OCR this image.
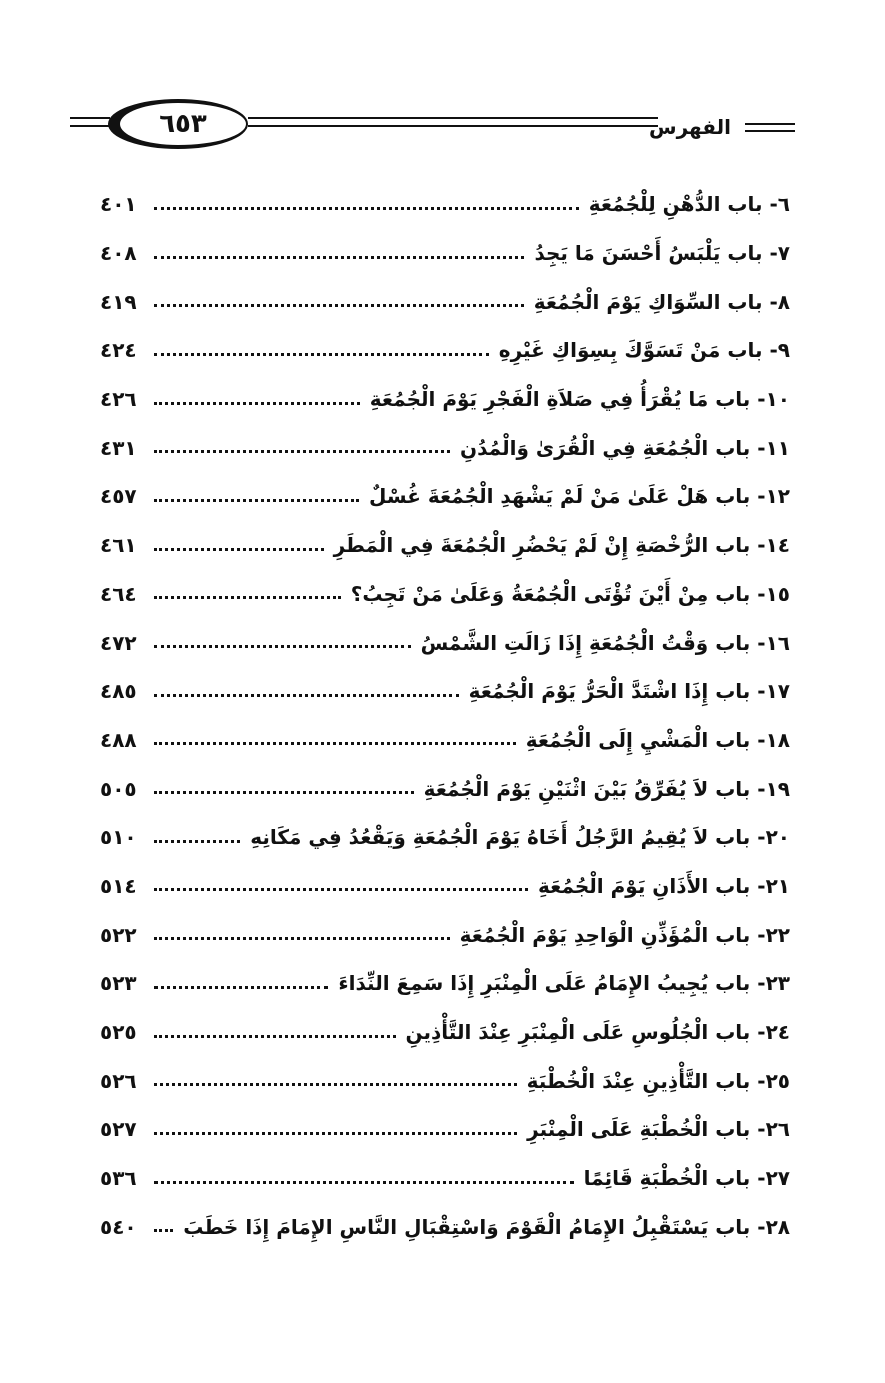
٦٥٣	الفهرس
٦- باب الدُّهْنِ لِلْجُمُعَةِ
٤٠١
٧- باب يَلْبَسُ أَحْسَنَ مَا يَجِدُ
٤٠٨
٨- باب السِّوَاكِ يَوْمَ الْجُمُعَةِ
٤١٩
٩- باب مَنْ تَسَوَّكَ بِسِوَاكِ غَيْرِهِ
٤٢٤
١٠- باب مَا يُقْرَأُ فِي صَلاَةِ الْفَجْرِ يَوْمَ الْجُمُعَةِ
٤٢٦
١١- باب الْجُمُعَةِ فِي الْقُرَىٰ وَالْمُدُنِ
٤٣١
١٢- باب هَلْ عَلَىٰ مَنْ لَمْ يَشْهَدِ الْجُمُعَةَ غُسْلٌ
٤٥٧
١٤- باب الرُّخْصَةِ إِنْ لَمْ يَحْضُرِ الْجُمُعَةَ فِي الْمَطَرِ
٤٦١
١٥- باب مِنْ أَيْنَ تُؤْتَى الْجُمُعَةُ وَعَلَىٰ مَنْ تَجِبُ؟
٤٦٤
١٦- باب وَقْتُ الْجُمُعَةِ إِذَا زَالَتِ الشَّمْسُ
٤٧٢
١٧- باب إِذَا اشْتَدَّ الْحَرُّ يَوْمَ الْجُمُعَةِ
٤٨٥
١٨- باب الْمَشْيِ إِلَى الْجُمُعَةِ
٤٨٨
١٩- باب لاَ يُفَرِّقُ بَيْنَ اثْنَيْنِ يَوْمَ الْجُمُعَةِ
٥٠٥
٢٠- باب لاَ يُقِيمُ الرَّجُلُ أَخَاهُ يَوْمَ الْجُمُعَةِ وَيَقْعُدُ فِي مَكَانِهِ
٥١٠
٢١- باب الأَذَانِ يَوْمَ الْجُمُعَةِ
٥١٤
٢٢- باب الْمُؤَذِّنِ الْوَاحِدِ يَوْمَ الْجُمُعَةِ
٥٢٢
٢٣- باب يُجِيبُ الإِمَامُ عَلَى الْمِنْبَرِ إِذَا سَمِعَ النِّدَاءَ
٥٢٣
٢٤- باب الْجُلُوسِ عَلَى الْمِنْبَرِ عِنْدَ التَّأْذِينِ
٥٢٥
٢٥- باب التَّأْذِينِ عِنْدَ الْخُطْبَةِ
٥٢٦
٢٦- باب الْخُطْبَةِ عَلَى الْمِنْبَرِ
٥٢٧
٢٧- باب الْخُطْبَةِ قَائِمًا
٥٣٦
٢٨- باب يَسْتَقْبِلُ الإِمَامُ الْقَوْمَ وَاسْتِقْبَالِ النَّاسِ الإِمَامَ إِذَا خَطَبَ
٥٤٠
